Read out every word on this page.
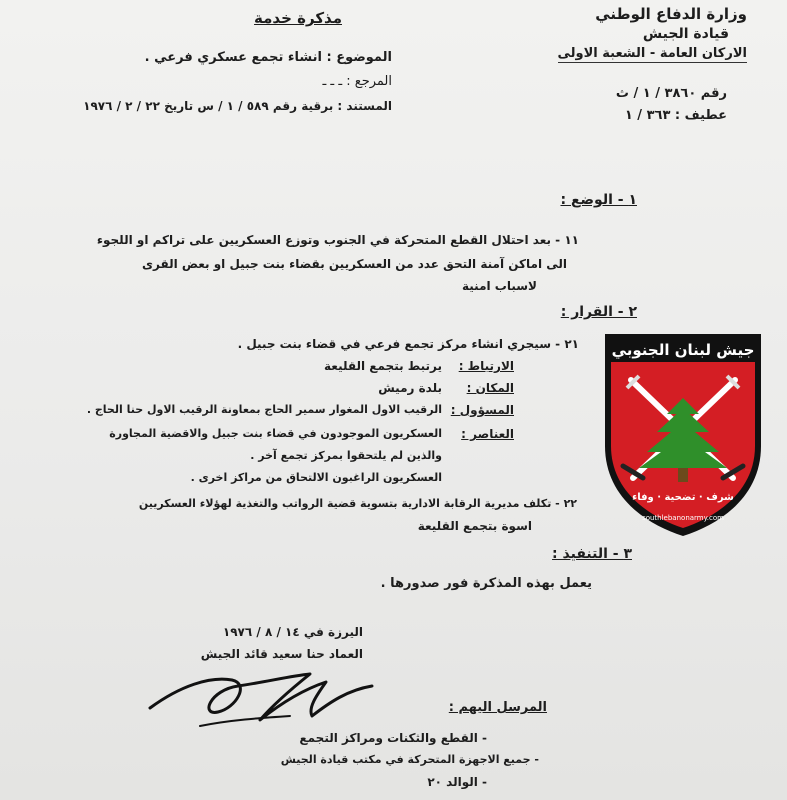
وزارة الدفاع الوطني
قيادة الجيش
الاركان العامة - الشعبة الاولى
مذكرة خدمة
الموضوع : انشاء تجمع عسكري فرعي .
المرجع : ـ ـ ـ
المستند : برقية رقم ٥٨٩ / ١ / س تاريخ ٢٢ / ٢ / ١٩٧٦
رقم ٣٨٦٠ / ١ / ث
عطيف : ٣٦٣ / ١
١ - الوضع :
١١ - بعد احتلال القطع المتحركة في الجنوب وتوزع العسكريين على تراكم او اللجوء
الى اماكن آمنة التحق عدد من العسكريين بقضاء بنت جبيل او بعض القرى
لاسباب امنية
٢ - القرار :
٢١ - سيجري انشاء مركز تجمع فرعي في قضاء بنت جبيل .
الارتباط :
يرتبط بتجمع القليعة
المكان :
بلدة رميش
المسؤول :
الرقيب الاول المغوار سمير الحاج بمعاونة الرقيب الاول حنا الحاج .
العناصر :
العسكريون الموجودون في قضاء بنت جبيل والاقضية المجاورة
والذين لم يلتحقوا بمركز تجمع آخر .
العسكريون الراغبون الالتحاق من مراكز اخرى .
٢٢ - تكلف مديرية الرقابة الادارية بتسوية قضية الرواتب والتغذية لهؤلاء العسكريين
اسوة بتجمع القليعة
٣ - التنفيذ :
يعمل بهذه المذكرة فور صدورها .
اليرزة في ١٤ / ٨ / ١٩٧٦
العماد حنا سعيد قائد الجيش
المرسل اليهم :
- القطع والثكنات ومراكز التجمع
- جميع الاجهزة المتحركة في مكتب قيادة الجيش
- الوالد ٢٠
جيش لبنان الجنوبي
شرف · تضحية · وفاء
southlebanonarmy.com
